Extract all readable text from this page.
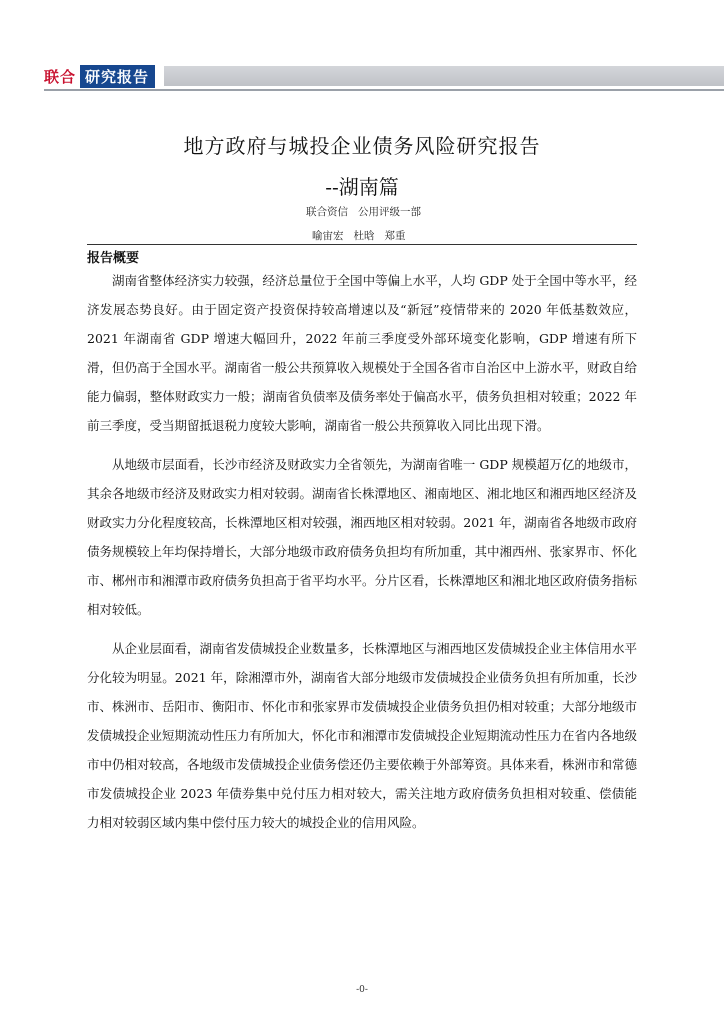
联合 研究报告
地方政府与城投企业债务风险研究报告
--湖南篇
联合资信 公用评级一部
喻宙宏 杜晗 郑重
报告概要

湖南省整体经济实力较强，经济总量位于全国中等偏上水平，人均 GDP 处于全国中等水平，经济发展态势良好。由于固定资产投资保持较高增速以及“新冠”疫情带来的 2020 年低基数效应，2021 年湖南省 GDP 增速大幅回升，2022 年前三季度受外部环境变化影响，GDP 增速有所下滑，但仍高于全国水平。湖南省一般公共预算收入规模处于全国各省市自治区中上游水平，财政自给能力偏弱，整体财政实力一般；湖南省负债率及债务率处于偏高水平，债务负担相对较重；2022 年前三季度，受当期留抵退税力度较大影响，湖南省一般公共预算收入同比出现下滑。

从地级市层面看，长沙市经济及财政实力全省领先，为湖南省唯一 GDP 规模超万亿的地级市，其余各地级市经济及财政实力相对较弱。湖南省长株潭地区、湘南地区、湘北地区和湘西地区经济及财政实力分化程度较高，长株潭地区相对较强，湘西地区相对较弱。2021 年，湖南省各地级市政府债务规模较上年均保持增长，大部分地级市政府债务负担均有所加重，其中湘西州、张家界市、怀化市、郴州市和湘潭市政府债务负担高于省平均水平。分片区看，长株潭地区和湘北地区政府债务指标相对较低。

从企业层面看，湖南省发债城投企业数量多，长株潭地区与湘西地区发债城投企业主体信用水平分化较为明显。2021 年，除湘潭市外，湖南省大部分地级市发债城投企业债务负担有所加重，长沙市、株洲市、岳阳市、衡阳市、怀化市和张家界市发债城投企业债务负担仍相对较重；大部分地级市发债城投企业短期流动性压力有所加大，怀化市和湘潭市发债城投企业短期流动性压力在省内各地级市中仍相对较高，各地级市发债城投企业债务偿还仍主要依赖于外部筹资。具体来看，株洲市和常德市发债城投企业 2023 年债券集中兑付压力相对较大，需关注地方政府债务负担相对较重、偿债能力相对较弱区域内集中偿付压力较大的城投企业的信用风险。

-0-
